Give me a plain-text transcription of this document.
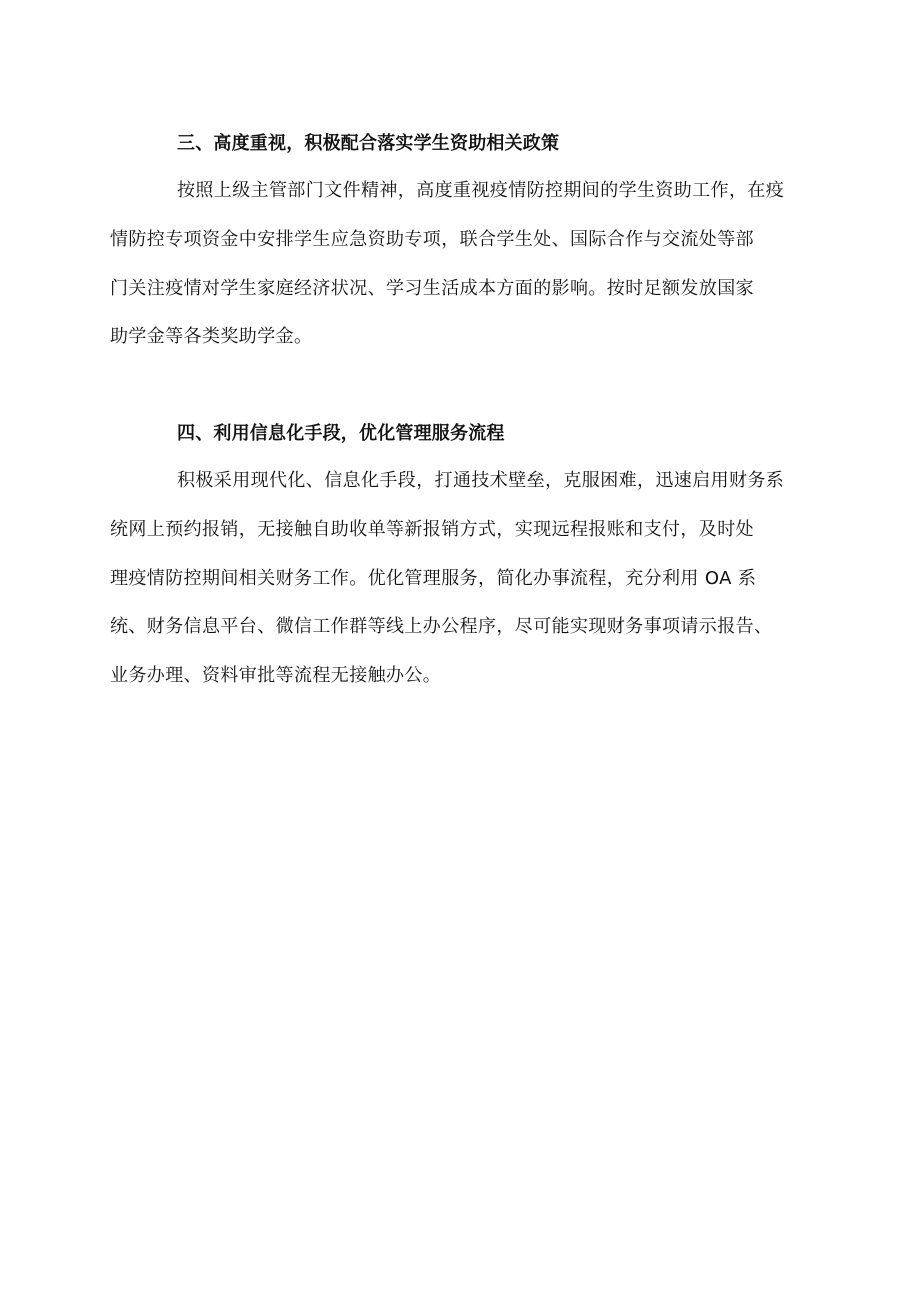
三、高度重视，积极配合落实学生资助相关政策
按照上级主管部门文件精神，高度重视疫情防控期间的学生资助工作，在疫
情防控专项资金中安排学生应急资助专项，联合学生处、国际合作与交流处等部
门关注疫情对学生家庭经济状况、学习生活成本方面的影响。按时足额发放国家
助学金等各类奖助学金。
四、利用信息化手段，优化管理服务流程
积极采用现代化、信息化手段，打通技术壁垒，克服困难，迅速启用财务系
统网上预约报销，无接触自助收单等新报销方式，实现远程报账和支付，及时处
理疫情防控期间相关财务工作。优化管理服务，简化办事流程，充分利用 OA 系
统、财务信息平台、微信工作群等线上办公程序，尽可能实现财务事项请示报告、
业务办理、资料审批等流程无接触办公。
